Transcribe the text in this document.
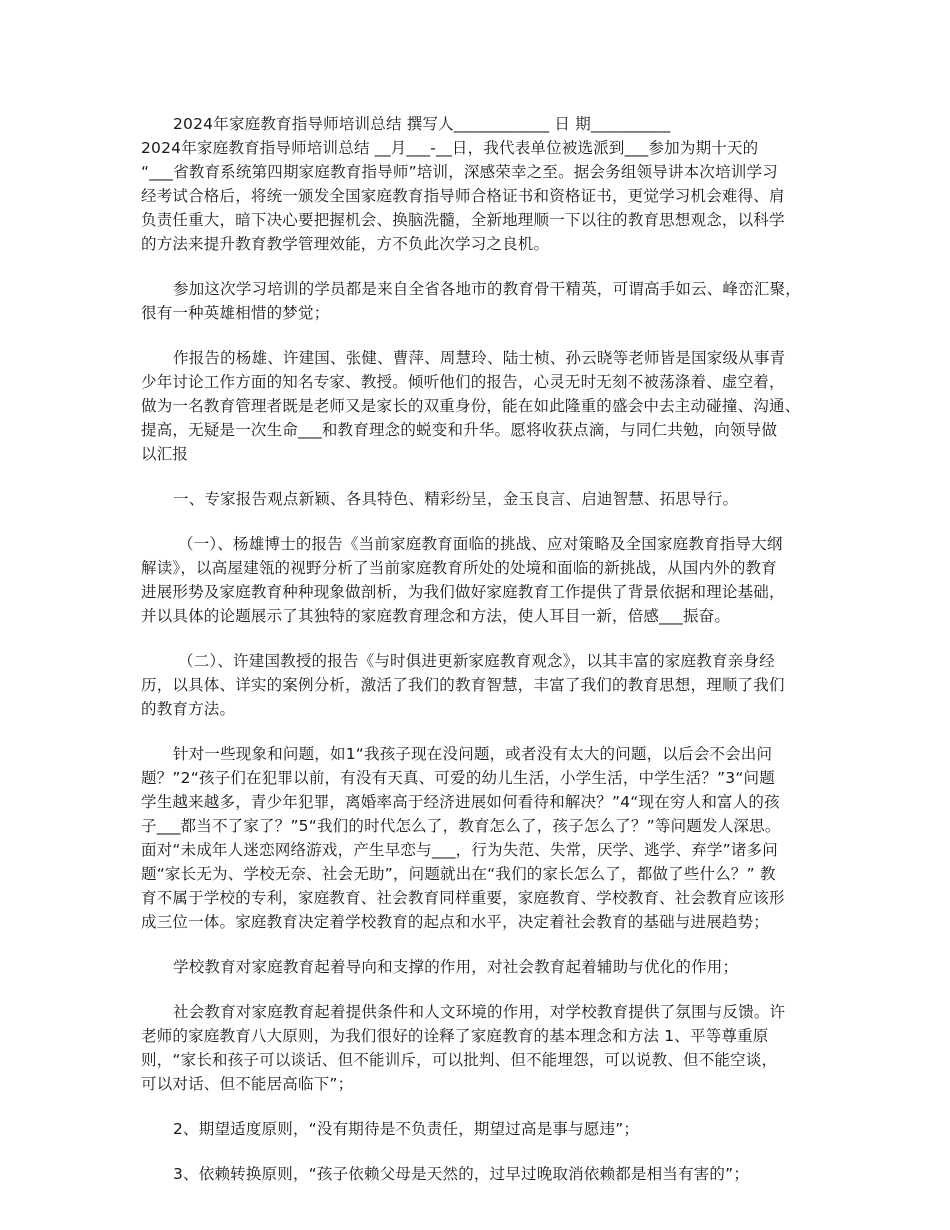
2024年家庭教育指导师培训总结 撰写人____________ 日 期__________
2024年家庭教育指导师培训总结 __月___-__日，我代表单位被选派到___参加为期十天的
“___省教育系统第四期家庭教育指导师”培训，深感荣幸之至。据会务组领导讲本次培训学习
经考试合格后，将统一颁发全国家庭教育指导师合格证书和资格证书，更觉学习机会难得、肩
负责任重大，暗下决心要把握机会、换脑洗髓，全新地理顺一下以往的教育思想观念，以科学
的方法来提升教育教学管理效能，方不负此次学习之良机。
参加这次学习培训的学员都是来自全省各地市的教育骨干精英，可谓高手如云、峰峦汇聚，
很有一种英雄相惜的梦觉；
作报告的杨雄、许建国、张健、曹萍、周慧玲、陆士桢、孙云晓等老师皆是国家级从事青
少年讨论工作方面的知名专家、教授。倾听他们的报告，心灵无时无刻不被荡涤着、虚空着，
做为一名教育管理者既是老师又是家长的双重身份，能在如此隆重的盛会中去主动碰撞、沟通、
提高，无疑是一次生命___和教育理念的蜕变和升华。愿将收获点滴，与同仁共勉，向领导做
以汇报
一、专家报告观点新颖、各具特色、精彩纷呈，金玉良言、启迪智慧、拓思导行。
（一）、杨雄博士的报告《当前家庭教育面临的挑战、应对策略及全国家庭教育指导大纲
解读》，以高屋建瓴的视野分析了当前家庭教育所处的处境和面临的新挑战，从国内外的教育
进展形势及家庭教育种种现象做剖析，为我们做好家庭教育工作提供了背景依据和理论基础，
并以具体的论题展示了其独特的家庭教育理念和方法，使人耳目一新，倍感___振奋。
（二）、许建国教授的报告《与时俱进更新家庭教育观念》，以其丰富的家庭教育亲身经
历，以具体、详实的案例分析，激活了我们的教育智慧，丰富了我们的教育思想，理顺了我们
的教育方法。
针对一些现象和问题，如1“我孩子现在没问题，或者没有太大的问题，以后会不会出问
题？”2“孩子们在犯罪以前，有没有天真、可爱的幼儿生活，小学生活，中学生活？”3“问题
学生越来越多，青少年犯罪，离婚率高于经济进展如何看待和解决？”4“现在穷人和富人的孩
子___都当不了家了？”5“我们的时代怎么了，教育怎么了，孩子怎么了？”等问题发人深思。
面对“未成年人迷恋网络游戏，产生早恋与___，行为失范、失常，厌学、逃学、弃学”诸多问
题“家长无为、学校无奈、社会无助”，问题就出在“我们的家长怎么了，都做了些什么？” 教
育不属于学校的专利，家庭教育、社会教育同样重要，家庭教育、学校教育、社会教育应该形
成三位一体。家庭教育决定着学校教育的起点和水平，决定着社会教育的基础与进展趋势；
学校教育对家庭教育起着导向和支撑的作用，对社会教育起着辅助与优化的作用；
社会教育对家庭教育起着提供条件和人文环境的作用，对学校教育提供了氛围与反馈。许
老师的家庭教育八大原则，为我们很好的诠释了家庭教育的基本理念和方法 1、平等尊重原
则，“家长和孩子可以谈话、但不能训斥，可以批判、但不能埋怨，可以说教、但不能空谈，
可以对话、但不能居高临下”；
2、期望适度原则，“没有期待是不负责任，期望过高是事与愿违”；
3、依赖转换原则，“孩子依赖父母是天然的，过早过晚取消依赖都是相当有害的”；
